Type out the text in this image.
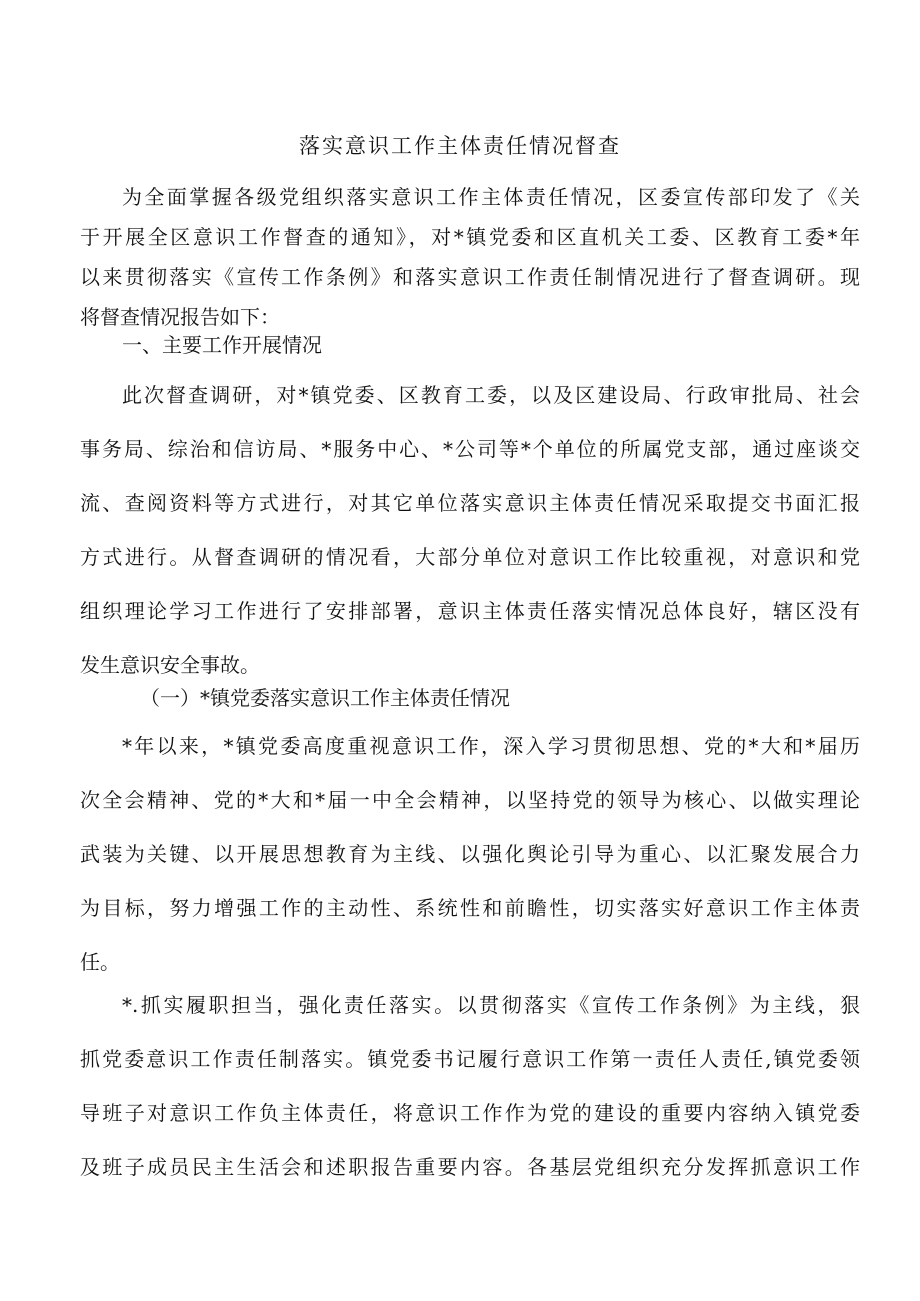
落实意识工作主体责任情况督查
为全面掌握各级党组织落实意识工作主体责任情况，区委宣传部印发了《关
于开展全区意识工作督查的通知》，对*镇党委和区直机关工委、区教育工委*年
以来贯彻落实《宣传工作条例》和落实意识工作责任制情况进行了督查调研。现
将督查情况报告如下：
一、主要工作开展情况
此次督查调研，对*镇党委、区教育工委，以及区建设局、行政审批局、社会
事务局、综治和信访局、*服务中心、*公司等*个单位的所属党支部，通过座谈交
流、查阅资料等方式进行，对其它单位落实意识主体责任情况采取提交书面汇报
方式进行。从督查调研的情况看，大部分单位对意识工作比较重视，对意识和党
组织理论学习工作进行了安排部署，意识主体责任落实情况总体良好，辖区没有
发生意识安全事故。
（一）*镇党委落实意识工作主体责任情况
*年以来，*镇党委高度重视意识工作，深入学习贯彻思想、党的*大和*届历
次全会精神、党的*大和*届一中全会精神，以坚持党的领导为核心、以做实理论
武装为关键、以开展思想教育为主线、以强化舆论引导为重心、以汇聚发展合力
为目标，努力增强工作的主动性、系统性和前瞻性，切实落实好意识工作主体责
任。
*.抓实履职担当，强化责任落实。以贯彻落实《宣传工作条例》为主线，狠
抓党委意识工作责任制落实。镇党委书记履行意识工作第一责任人责任,镇党委领
导班子对意识工作负主体责任，将意识工作作为党的建设的重要内容纳入镇党委
及班子成员民主生活会和述职报告重要内容。各基层党组织充分发挥抓意识工作
